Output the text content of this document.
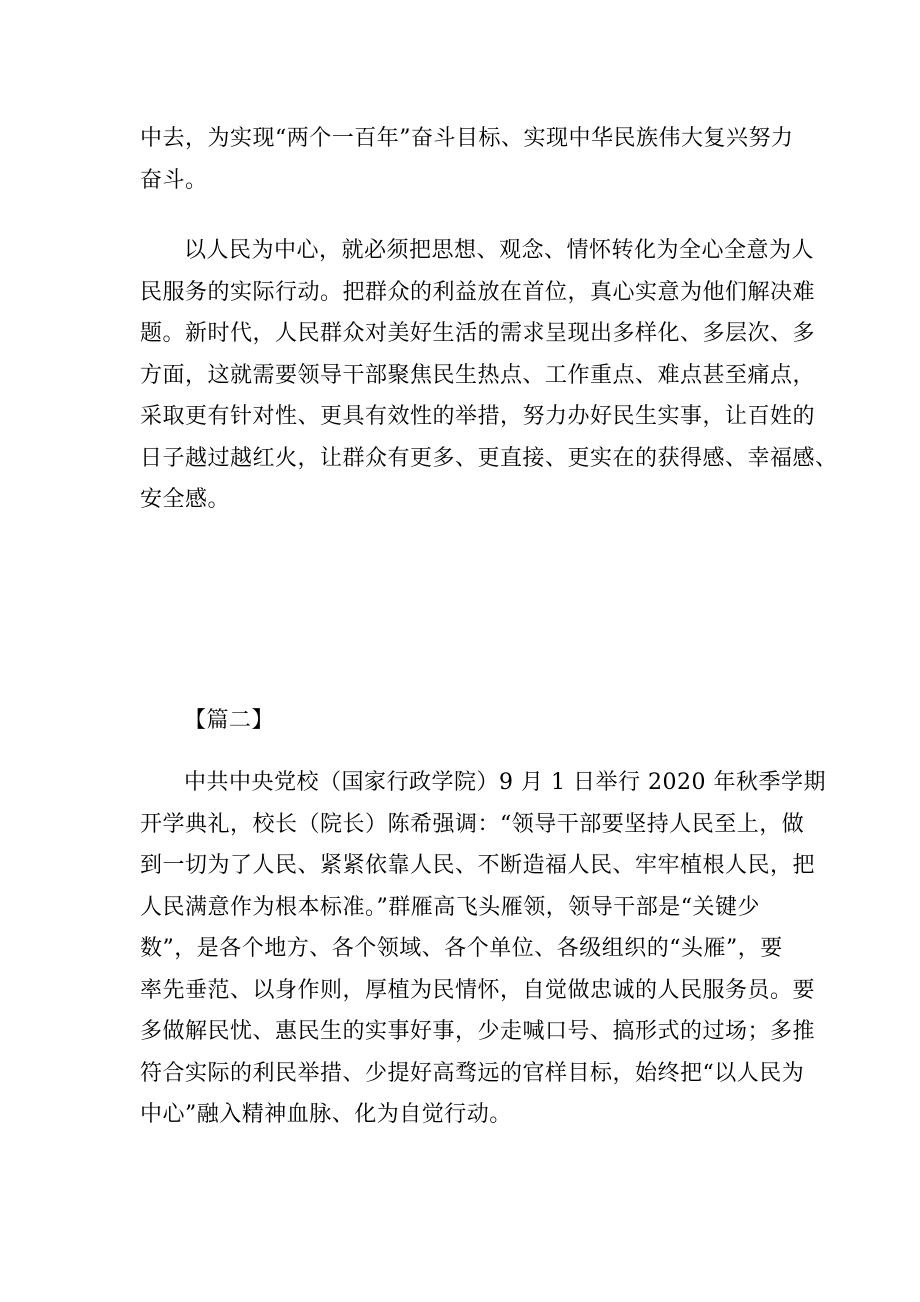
中去，为实现“两个一百年”奋斗目标、实现中华民族伟大复兴努力
奋斗。
以人民为中心，就必须把思想、观念、情怀转化为全心全意为人
民服务的实际行动。把群众的利益放在首位，真心实意为他们解决难
题。新时代，人民群众对美好生活的需求呈现出多样化、多层次、多
方面，这就需要领导干部聚焦民生热点、工作重点、难点甚至痛点，
采取更有针对性、更具有效性的举措，努力办好民生实事，让百姓的
日子越过越红火，让群众有更多、更直接、更实在的获得感、幸福感、
安全感。
【篇二】
中共中央党校（国家行政学院）9 月 1 日举行 2020 年秋季学期
开学典礼，校长（院长）陈希强调：“领导干部要坚持人民至上，做
到一切为了人民、紧紧依靠人民、不断造福人民、牢牢植根人民，把
人民满意作为根本标准。”群雁高飞头雁领，领导干部是“关键少
数”，是各个地方、各个领域、各个单位、各级组织的“头雁”，要
率先垂范、以身作则，厚植为民情怀，自觉做忠诚的人民服务员。要
多做解民忧、惠民生的实事好事，少走喊口号、搞形式的过场；多推
符合实际的利民举措、少提好高骛远的官样目标，始终把“以人民为
中心”融入精神血脉、化为自觉行动。
